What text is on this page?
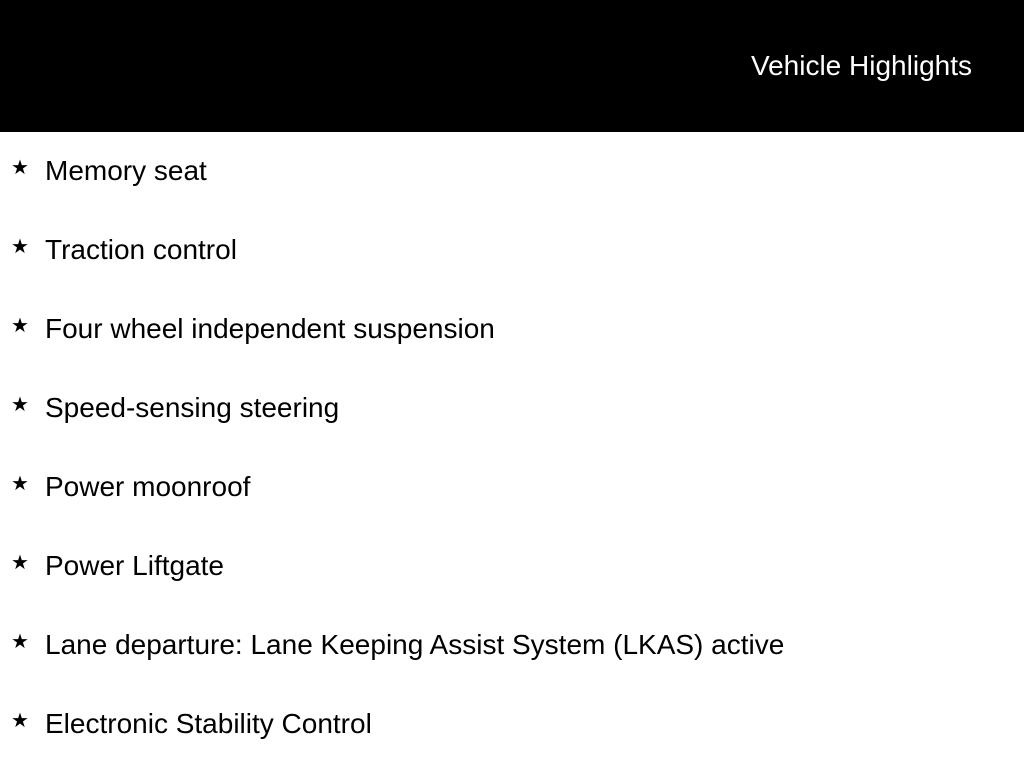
Vehicle Highlights
★ Memory seat
★ Traction control
★ Four wheel independent suspension
★ Speed-sensing steering
★ Power moonroof
★ Power Liftgate
★ Lane departure: Lane Keeping Assist System (LKAS) active
★ Electronic Stability Control
